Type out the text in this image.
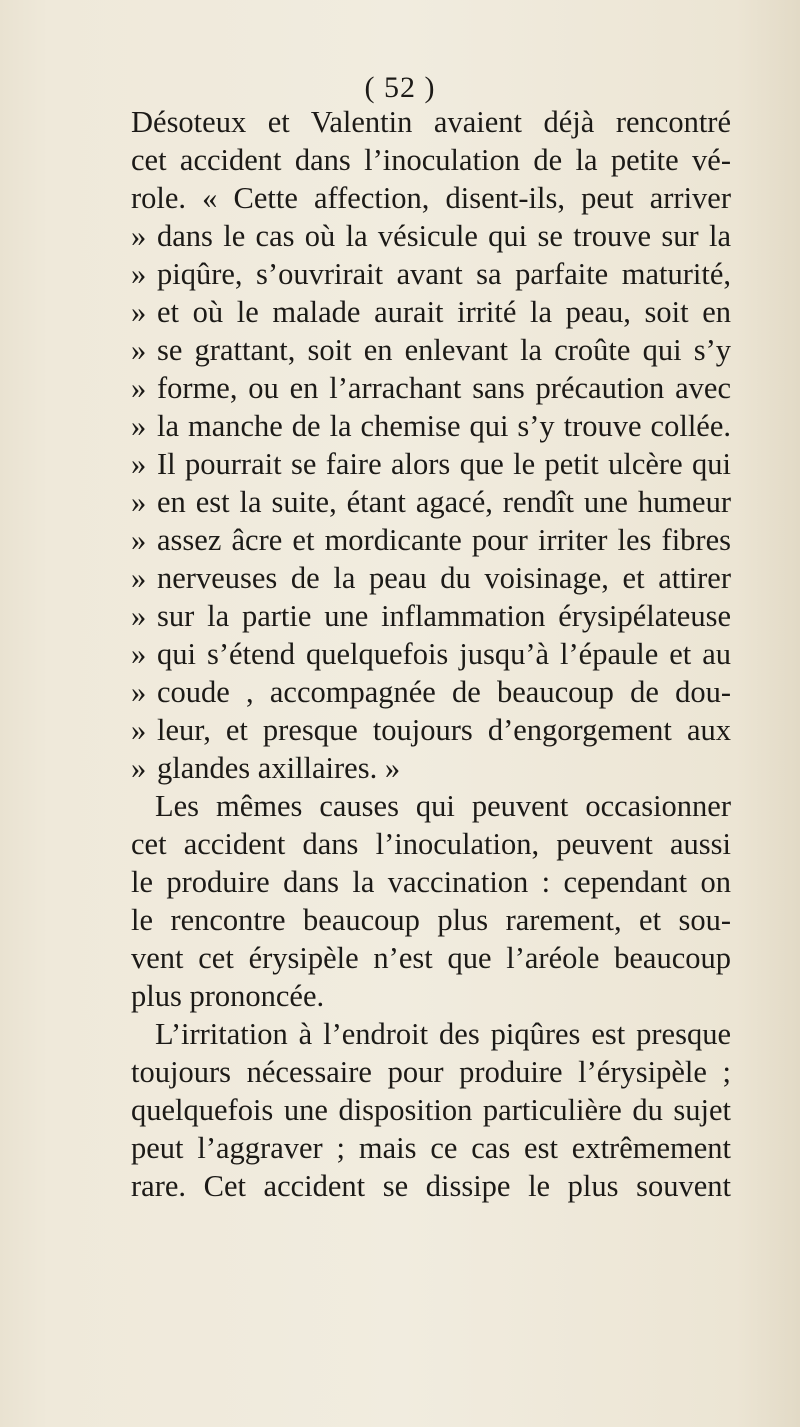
( 52 )
Désoteux et Valentin avaient déjà rencontré
cet accident dans l’inoculation de la petite vé-
role. « Cette affection, disent-ils, peut arriver
» dans le cas où la vésicule qui se trouve sur la
» piqûre, s’ouvrirait avant sa parfaite maturité,
» et où le malade aurait irrité la peau, soit en
» se grattant, soit en enlevant la croûte qui s’y
» forme, ou en l’arrachant sans précaution avec
» la manche de la chemise qui s’y trouve collée.
» Il pourrait se faire alors que le petit ulcère qui
» en est la suite, étant agacé, rendît une humeur
» assez âcre et mordicante pour irriter les fibres
» nerveuses de la peau du voisinage, et attirer
» sur la partie une inflammation érysipélateuse
» qui s’étend quelquefois jusqu’à l’épaule et au
» coude , accompagnée de beaucoup de dou-
» leur, et presque toujours d’engorgement aux
» glandes axillaires. »
Les mêmes causes qui peuvent occasionner
cet accident dans l’inoculation, peuvent aussi
le produire dans la vaccination : cependant on
le rencontre beaucoup plus rarement, et sou-
vent cet érysipèle n’est que l’aréole beaucoup
plus prononcée.
L’irritation à l’endroit des piqûres est presque
toujours nécessaire pour produire l’érysipèle ;
quelquefois une disposition particulière du sujet
peut l’aggraver ; mais ce cas est extrêmement
rare. Cet accident se dissipe le plus souvent
